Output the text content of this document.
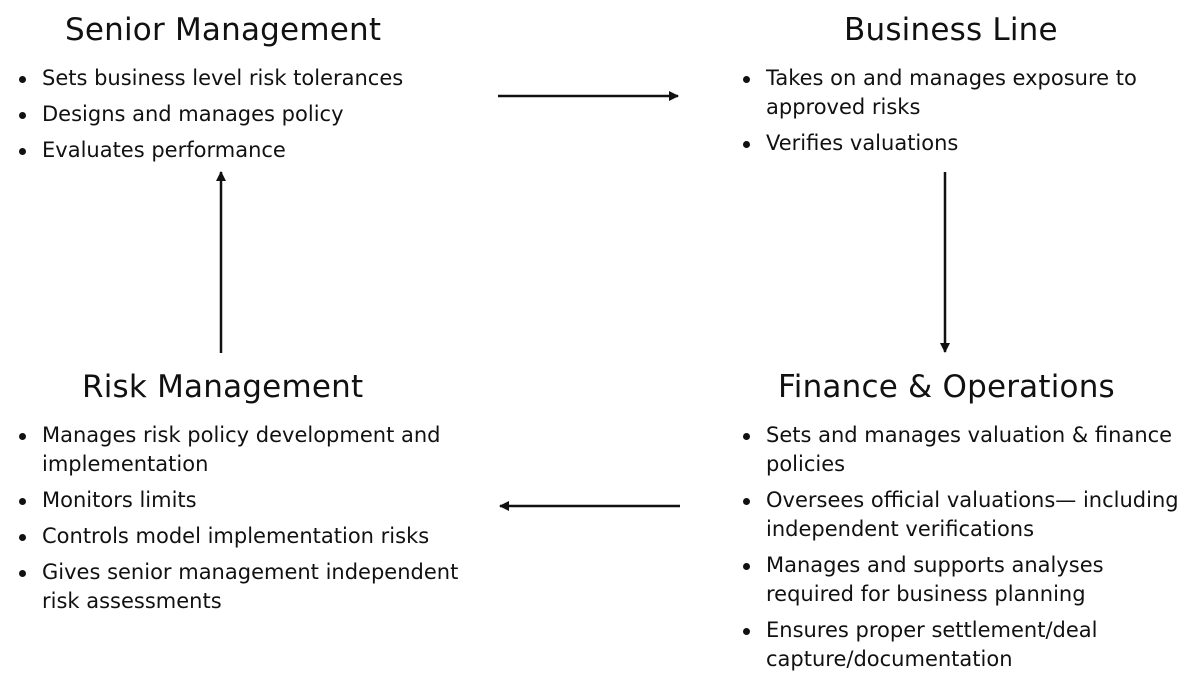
Senior Management
Sets business level risk tolerances
Designs and manages policy
Evaluates performance
Business Line
Takes on and manages exposure to approved risks
Verifies valuations
Risk Management
Manages risk policy development and implementation
Monitors limits
Controls model implementation risks
Gives senior management independent risk assessments
Finance & Operations
Sets and manages valuation & finance policies
Oversees official valuations— including independent verifications
Manages and supports analyses required for business planning
Ensures proper settlement/deal capture/documentation
